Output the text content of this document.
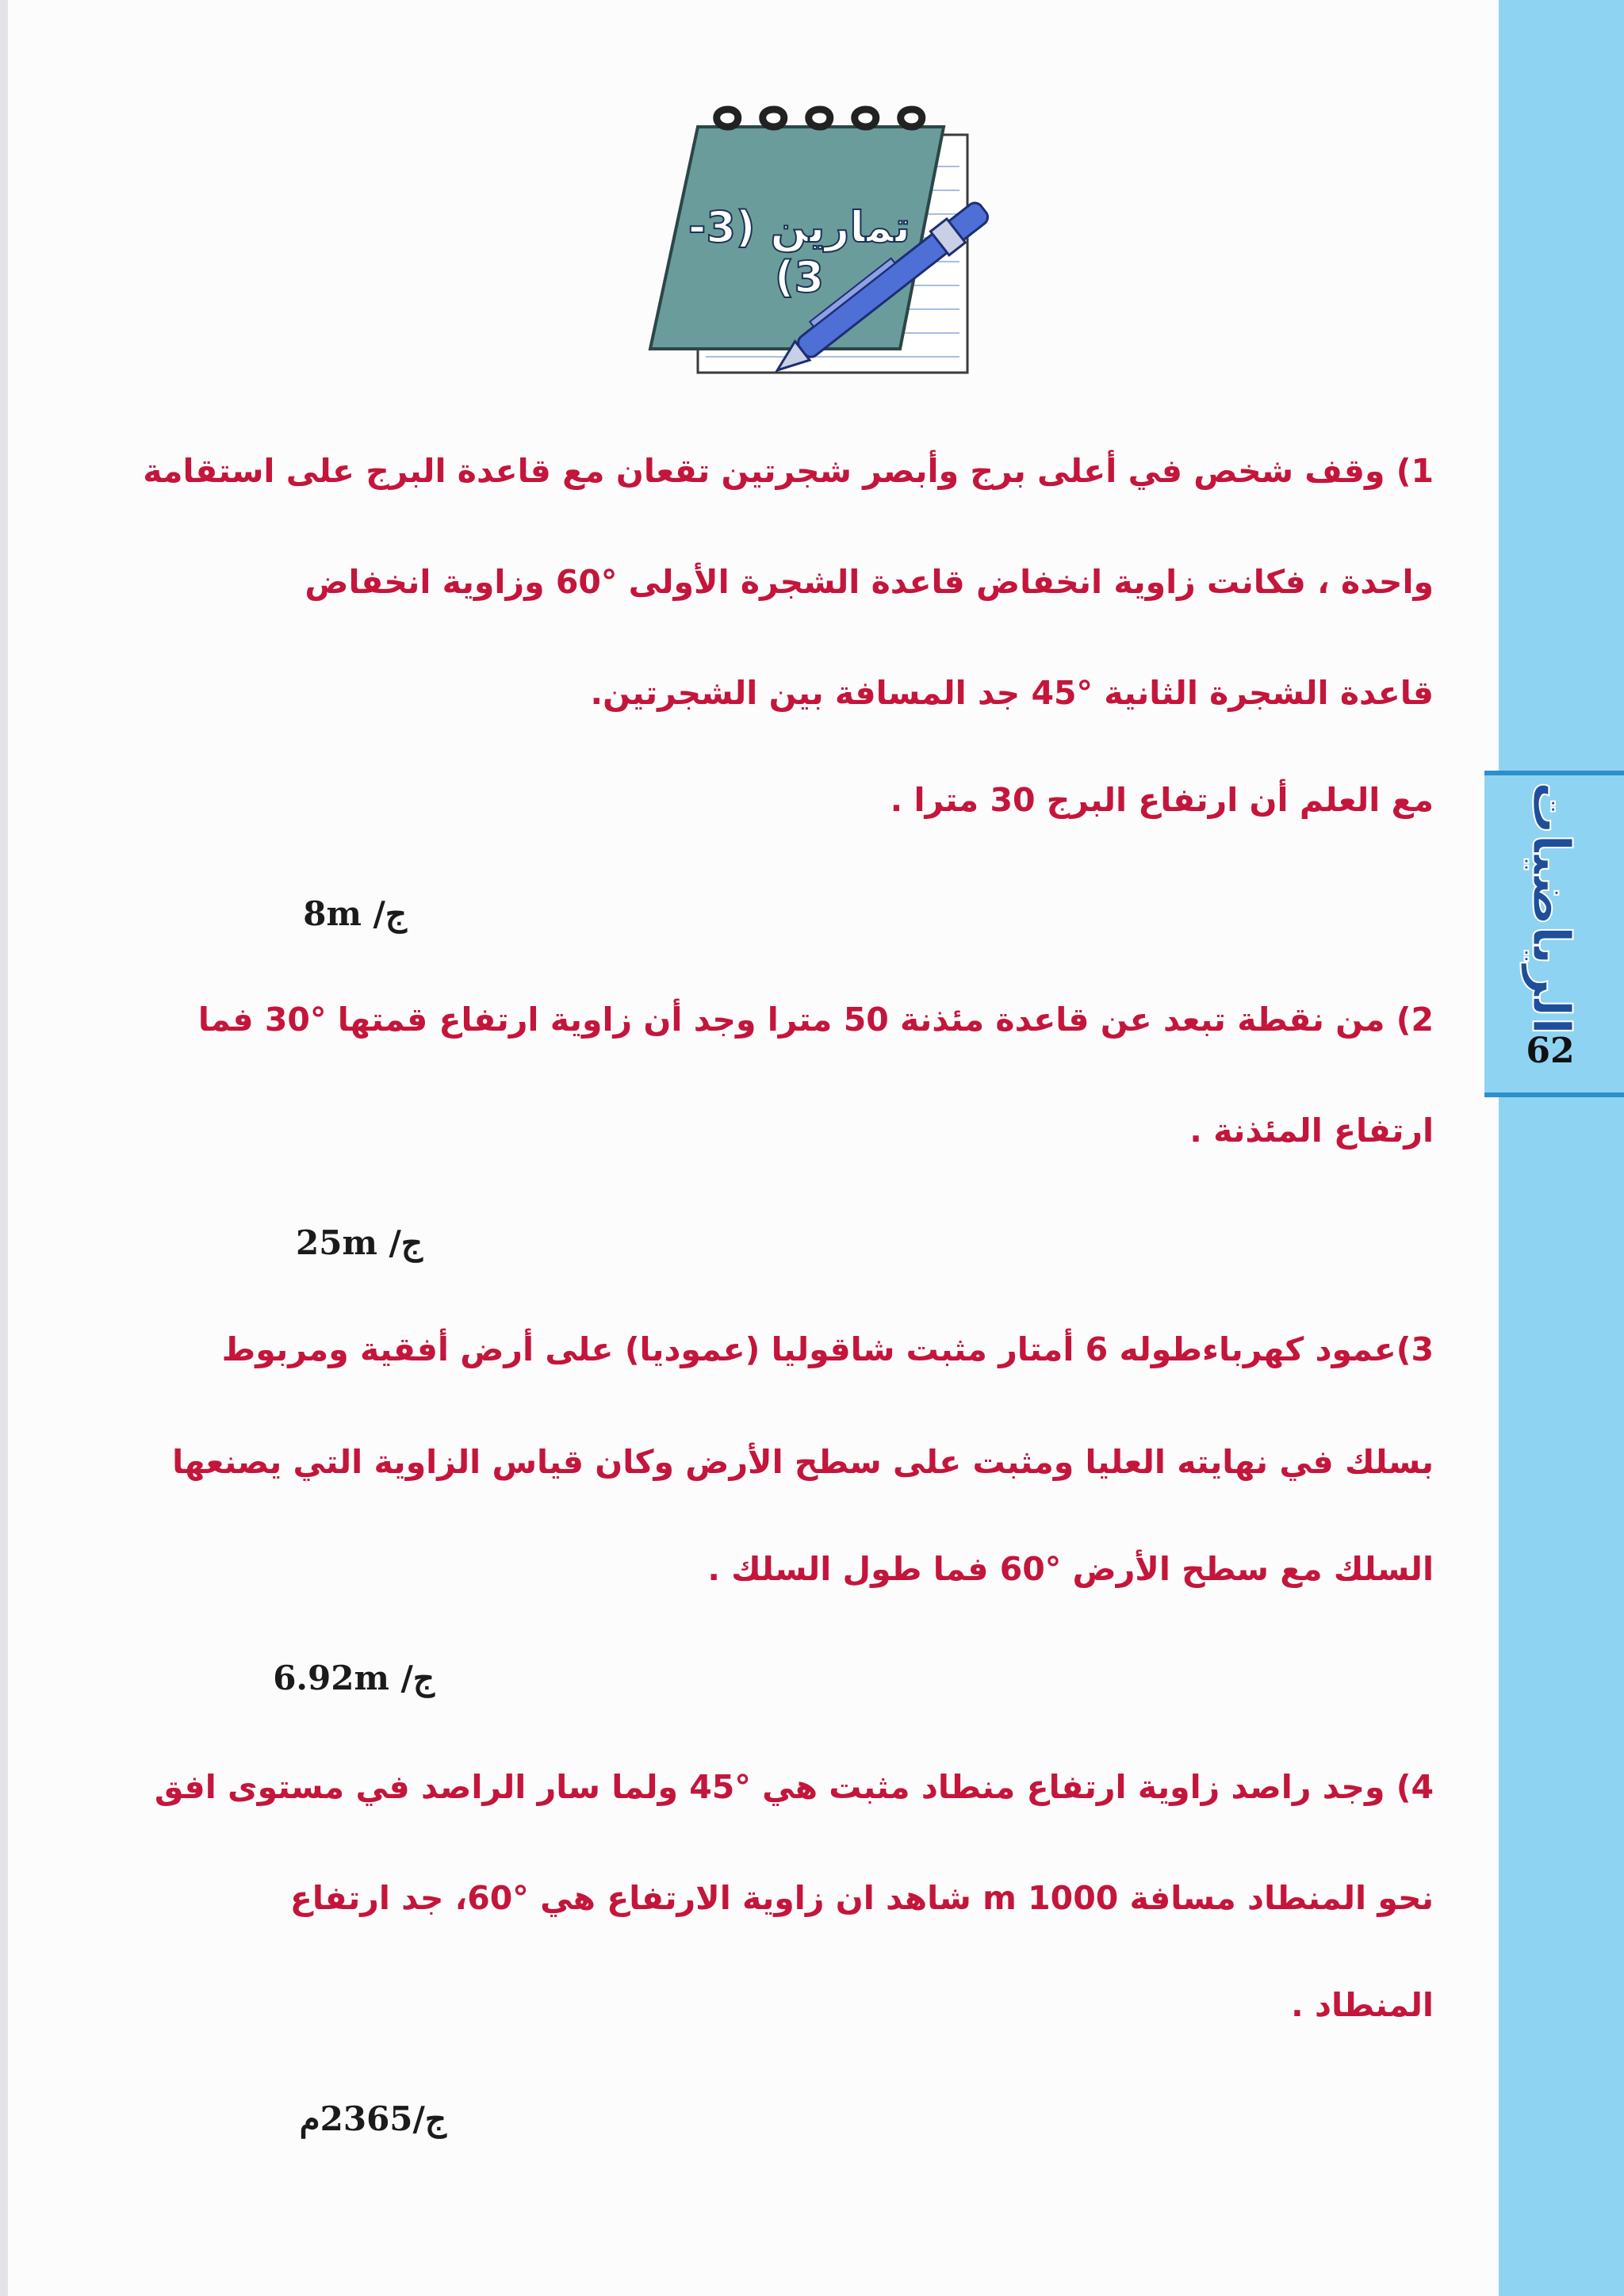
الرياضيات
62
تمارين (3-3)
1) وقف شخص في أعلى برج وأبصر شجرتين تقعان مع قاعدة البرج على استقامة
واحدة ، فكانت زاوية انخفاض قاعدة الشجرة الأولى °60 وزاوية انخفاض
قاعدة الشجرة الثانية °45 جد المسافة بين الشجرتين.
مع العلم أن ارتفاع البرج 30 مترا .
ج/ 8m
2) من نقطة تبعد عن قاعدة مئذنة 50 مترا وجد أن زاوية ارتفاع قمتها °30 فما
ارتفاع المئذنة .
ج/ 25m
3)عمود كهرباءطوله 6 أمتار مثبت شاقوليا (عموديا) على أرض أفقية ومربوط
بسلك في نهايته العليا ومثبت على سطح الأرض وكان قياس الزاوية التي يصنعها
السلك مع سطح الأرض °60 فما طول السلك .
ج/ 6.92m
4) وجد راصد زاوية ارتفاع منطاد مثبت هي °45 ولما سار الراصد في مستوى افق
نحو المنطاد مسافة 1000 m شاهد ان زاوية الارتفاع هي °60، جد ارتفاع
المنطاد .
ج/2365م
